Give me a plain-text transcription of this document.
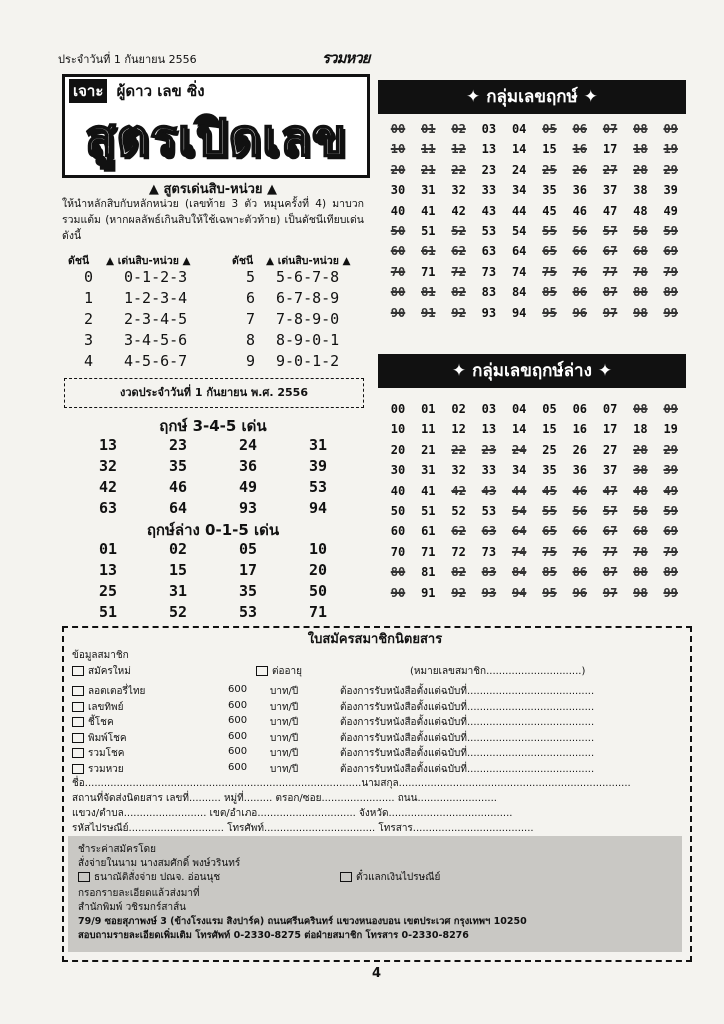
ประจำวันที่ 1 กันยายน 2556	รวมหวย
เจาะ ผู้ดาว เลข ซิ่ง
สูตรเปิดเลข
▲ สูตรเด่นสิบ-หน่วย ▲
ให้นำหลักสิบกับหลักหน่วย (เลขท้าย 3 ตัว หมุนครั้งที่ 4) มาบวกรวมแต้ม (หากผลลัพธ์เกินสิบให้ใช้เฉพาะตัวท้าย) เป็นดัชนีเทียบเด่นดังนี้
ดัชนี ▲ เด่นสิบ-หน่วย ▲	ดัชนี ▲ เด่นสิบ-หน่วย ▲
0 0-1-2-3	5 5-6-7-8
1 1-2-3-4	6 6-7-8-9
2 2-3-4-5	7 7-8-9-0
3 3-4-5-6	8 8-9-0-1
4 4-5-6-7	9 9-0-1-2
งวดประจำวันที่ 1 กันยายน พ.ศ. 2556
ฤกษ์ 3-4-5 เด่น
13	23	24	31
32	35	36	39
42	46	49	53
63	64	93	94
ฤกษ์ล่าง 0-1-5 เด่น
01	02	05	10
13	15	17	20
25	31	35	50
51	52	53	71
✦ กลุ่มเลขฤกษ์ ✦
00	01	02	03	04	05	06	07	08	09
10	11	12	13	14	15	16	17	18	19
20	21	22	23	24	25	26	27	28	29
30	31	32	33	34	35	36	37	38	39
40	41	42	43	44	45	46	47	48	49
50	51	52	53	54	55	56	57	58	59
60	61	62	63	64	65	66	67	68	69
70	71	72	73	74	75	76	77	78	79
80	81	82	83	84	85	86	87	88	89
90	91	92	93	94	95	96	97	98	99
✦ กลุ่มเลขฤกษ์ล่าง ✦
00	01	02	03	04	05	06	07	08	09
10	11	12	13	14	15	16	17	18	19
20	21	22	23	24	25	26	27	28	29
30	31	32	33	34	35	36	37	38	39
40	41	42	43	44	45	46	47	48	49
50	51	52	53	54	55	56	57	58	59
60	61	62	63	64	65	66	67	68	69
70	71	72	73	74	75	76	77	78	79
80	81	82	83	84	85	86	87	88	89
90	91	92	93	94	95	96	97	98	99
ใบสมัครสมาชิกนิตยสาร
ข้อมูลสมาชิก
สมัครใหม่	ต่ออายุ	(หมายเลขสมาชิก..............................)
ลอตเตอรี่ไทย	600 บาท/ปี	ต้องการรับหนังสือตั้งแต่ฉบับที่........................................
เลขทิพย์	600 บาท/ปี	ต้องการรับหนังสือตั้งแต่ฉบับที่........................................
ชี้โชค	600 บาท/ปี	ต้องการรับหนังสือตั้งแต่ฉบับที่........................................
พิมพ์โชค	600 บาท/ปี	ต้องการรับหนังสือตั้งแต่ฉบับที่........................................
รวมโชค	600 บาท/ปี	ต้องการรับหนังสือตั้งแต่ฉบับที่........................................
รวมหวย	600 บาท/ปี	ต้องการรับหนังสือตั้งแต่ฉบับที่........................................
ชื่อ.......................................................................................นามสกุล.........................................................................
สถานที่จัดส่งนิตยสาร เลขที่.......... หมู่ที่......... ตรอก/ซอย....................... ถนน.........................
แขวง/ตำบล.......................... เขต/อำเภอ............................... จังหวัด.......................................
รหัสไปรษณีย์.............................. โทรศัพท์................................... โทรสาร......................................
ชำระค่าสมัครโดย
สั่งจ่ายในนาม นางสมศักดิ์ พงษ์วรินทร์
ธนาณัติสั่งจ่าย ปณจ. อ่อนนุช	ตั๋วแลกเงินไปรษณีย์
กรอกรายละเอียดแล้วส่งมาที่
สำนักพิมพ์ วชิรมกร์สาส์น
79/9 ซอยสุภาพงษ์ 3 (ข้างโรงแรม สิงปาร์ค) ถนนศรีนครินทร์ แขวงหนองบอน เขตประเวศ กรุงเทพฯ 10250
สอบถามรายละเอียดเพิ่มเติม โทรศัพท์ 0-2330-8275 ต่อฝ่ายสมาชิก โทรสาร 0-2330-8276
4
